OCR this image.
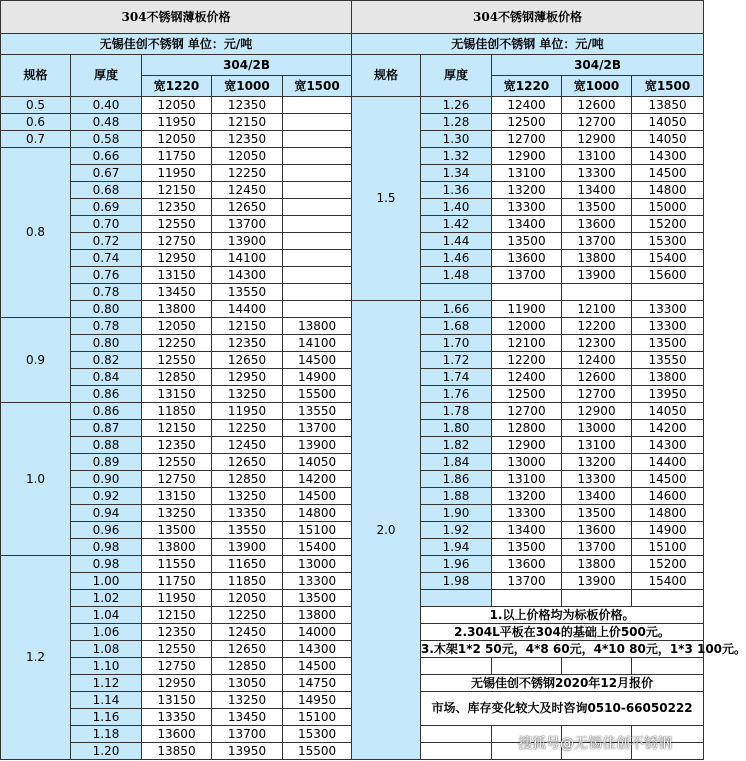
304不锈钢薄板价格				
无锡佳创不锈钢 单位：元/吨				
规格	厚度	304/2B		
		宽1220	宽1000	宽1500
0.5	0.40	12050	12350	
0.6	0.48	11950	12150	
0.7	0.58	12050	12350	
0.8	0.66	11750	12050	
	0.67	11950	12250	
	0.68	12150	12450	
	0.69	12350	12650	
	0.70	12550	13700	
	0.72	12750	13900	
	0.74	12950	14100	
	0.76	13150	14300	
	0.78	13450	13550	
	0.80	13800	14400	
0.9	0.78	12050	12150	13800
	0.80	12250	12350	14100
	0.82	12550	12650	14500
	0.84	12850	12950	14900
	0.86	13150	13250	15500
1.0	0.86	11850	11950	13550
	0.87	12150	12250	13700
	0.88	12350	12450	13900
	0.89	12550	12650	14050
	0.90	12750	12850	14200
	0.92	13150	13250	14500
	0.94	13250	13350	14800
	0.96	13500	13550	15100
	0.98	13800	13900	15400
1.2	0.98	11550	11650	13000
	1.00	11750	11850	13300
	1.02	11950	12050	13500
	1.04	12150	12250	13800
	1.06	12350	12450	14000
	1.08	12550	12650	14300
	1.10	12750	12850	14500
	1.12	12950	13050	14750
	1.14	13150	13250	14950
	1.16	13350	13450	15100
	1.18	13600	13700	15300
	1.20	13850	13950	15500
304不锈钢薄板价格				
无锡佳创不锈钢 单位：元/吨				
规格	厚度	304/2B		
		宽1220	宽1000	宽1500
1.5	1.26	12400	12600	13850
	1.28	12500	12700	14050
	1.30	12700	12900	14050
	1.32	12900	13100	14300
	1.34	13100	13300	14500
	1.36	13200	13400	14800
	1.40	13300	13500	15000
	1.42	13400	13600	15200
	1.44	13500	13700	15300
	1.46	13600	13800	15400
	1.48	13700	13900	15600

2.0	1.66	11900	12100	13300
	1.68	12000	12200	13300
	1.70	12100	12300	13500
	1.72	12200	12400	13550
	1.74	12400	12600	13800
	1.76	12500	12700	13950
	1.78	12700	12900	14050
	1.80	12800	13000	14200
	1.82	12900	13100	14300
	1.84	13000	13200	14400
	1.86	13100	13300	14500
	1.88	13200	13400	14600
	1.90	13300	13500	14800
	1.92	13400	13600	14900
	1.94	13500	13700	15100
	1.96	13600	13800	15200
	1.98	13700	13900	15400

	1.以上价格均为标板价格。			
	2.304L平板在304的基础上价500元。			
	3.木架1*2 50元，4*8 60元，4*10 80元，1*3 100元。			

	无锡佳创不锈钢2020年12月报价			
	市场、库存变化较大及时咨询0510-66050222			

搜狐号@无锡佳创不锈钢
